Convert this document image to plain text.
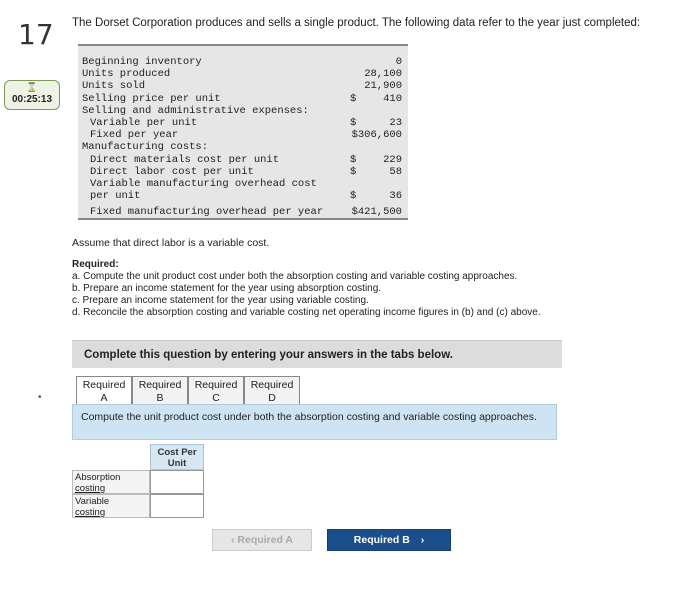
17
⌛
00:25:13
The Dorset Corporation produces and sells a single product. The following data refer to the year just completed:
Beginning inventory	0
Units produced	28,100
Units sold	21,900
Selling price per unit	$	410
Selling and administrative expenses:
Variable per unit	$	23
Fixed per year	$306,600
Manufacturing costs:
Direct materials cost per unit	$	229
Direct labor cost per unit	$	58
Variable manufacturing overhead cost
per unit	$	36
Fixed manufacturing overhead per year	$421,500
Assume that direct labor is a variable cost.
Required:
a. Compute the unit product cost under both the absorption costing and variable costing approaches.
b. Prepare an income statement for the year using absorption costing.
c. Prepare an income statement for the year using variable costing.
d. Reconcile the absorption costing and variable costing net operating income figures in (b) and (c) above.
Complete this question by entering your answers in the tabs below.
•
Required
A
Required
B
Required
C
Required
D
Compute the unit product cost under both the absorption costing and variable costing approaches.
Cost Per Unit
Absorption
costing
Variable
costing
‹ Required A	Required B ›
